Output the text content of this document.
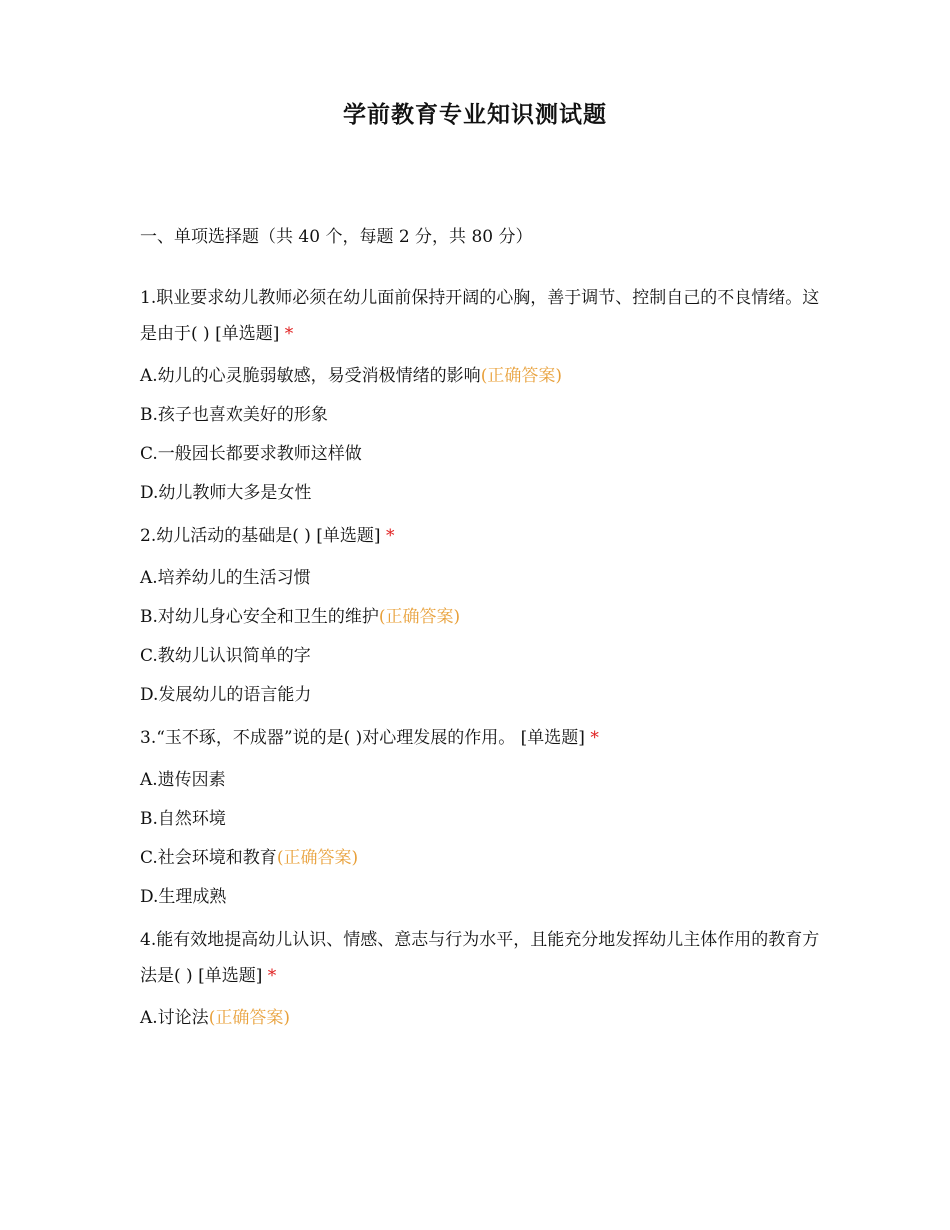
学前教育专业知识测试题

一、单项选择题（共 40 个，每题 2 分，共 80 分）

1.职业要求幼儿教师必须在幼儿面前保持开阔的心胸，善于调节、控制自己的不良情绪。这 是由于( ) [单选题] *

A.幼儿的心灵脆弱敏感，易受消极情绪的影响(正确答案)

B.孩子也喜欢美好的形象

C.一般园长都要求教师这样做

D.幼儿教师大多是女性

2.幼儿活动的基础是( ) [单选题] *

A.培养幼儿的生活习惯

B.对幼儿身心安全和卫生的维护(正确答案)

C.教幼儿认识简单的字

D.发展幼儿的语言能力

3.“玉不琢，不成器”说的是( )对心理发展的作用。 [单选题] *

A.遗传因素

B.自然环境

C.社会环境和教育(正确答案)

D.生理成熟

4.能有效地提高幼儿认识、情感、意志与行为水平，且能充分地发挥幼儿主体作用的教育方 法是( ) [单选题] *

A.讨论法(正确答案)
